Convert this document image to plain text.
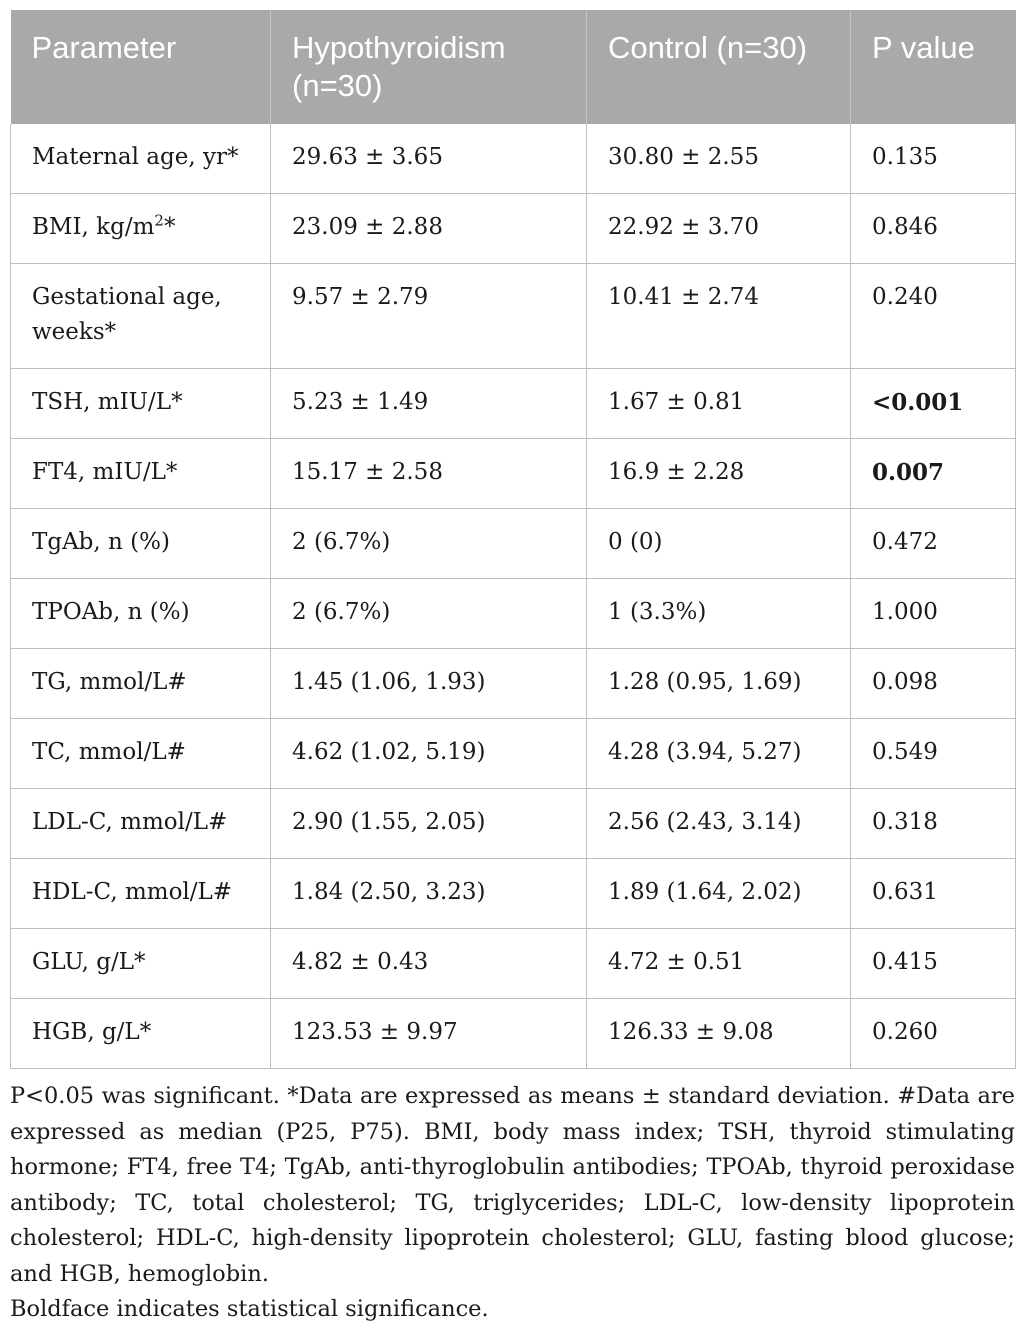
Parameter	Hypothyroidism (n=30)	Control (n=30)	P value
Maternal age, yr*	29.63 ± 3.65	30.80 ± 2.55	0.135
BMI, $kg/m^2*$	23.09 ± 2.88	22.92 ± 3.70	0.846
Gestational age, weeks*	9.57 ± 2.79	10.41 ± 2.74	0.240
TSH, mIU/L*	5.23 ± 1.49	1.67 ± 0.81	<0.001
FT4, mIU/L*	15.17 ± 2.58	16.9 ± 2.28	0.007
TgAb, n (%)	2 (6.7%)	0 (0)	0.472
TPOAb, n (%)	2 (6.7%)	1 (3.3%)	1.000
TG, mmol/L#	1.45 (1.06, 1.93)	1.28 (0.95, 1.69)	0.098
TC, mmol/L#	4.62 (1.02, 5.19)	4.28 (3.94, 5.27)	0.549
LDL-C, mmol/L#	2.90 (1.55, 2.05)	2.56 (2.43, 3.14)	0.318
HDL-C, mmol/L#	1.84 (2.50, 3.23)	1.89 (1.64, 2.02)	0.631
GLU, g/L*	4.82 ± 0.43	4.72 ± 0.51	0.415
HGB, g/L*	123.53 ± 9.97	126.33 ± 9.08	0.260

P<0.05 was significant. *Data are expressed as means ± standard deviation. #Data are expressed as median (P25, P75). BMI, body mass index; TSH, thyroid stimulating hormone; FT4, free T4; TgAb, anti-thyroglobulin antibodies; TPOAb, thyroid peroxidase antibody; TC, total cholesterol; TG, triglycerides; LDL-C, low-density lipoprotein cholesterol; HDL-C, high-density lipoprotein cholesterol; GLU, fasting blood glucose; and HGB, hemoglobin.

Boldface indicates statistical significance.
